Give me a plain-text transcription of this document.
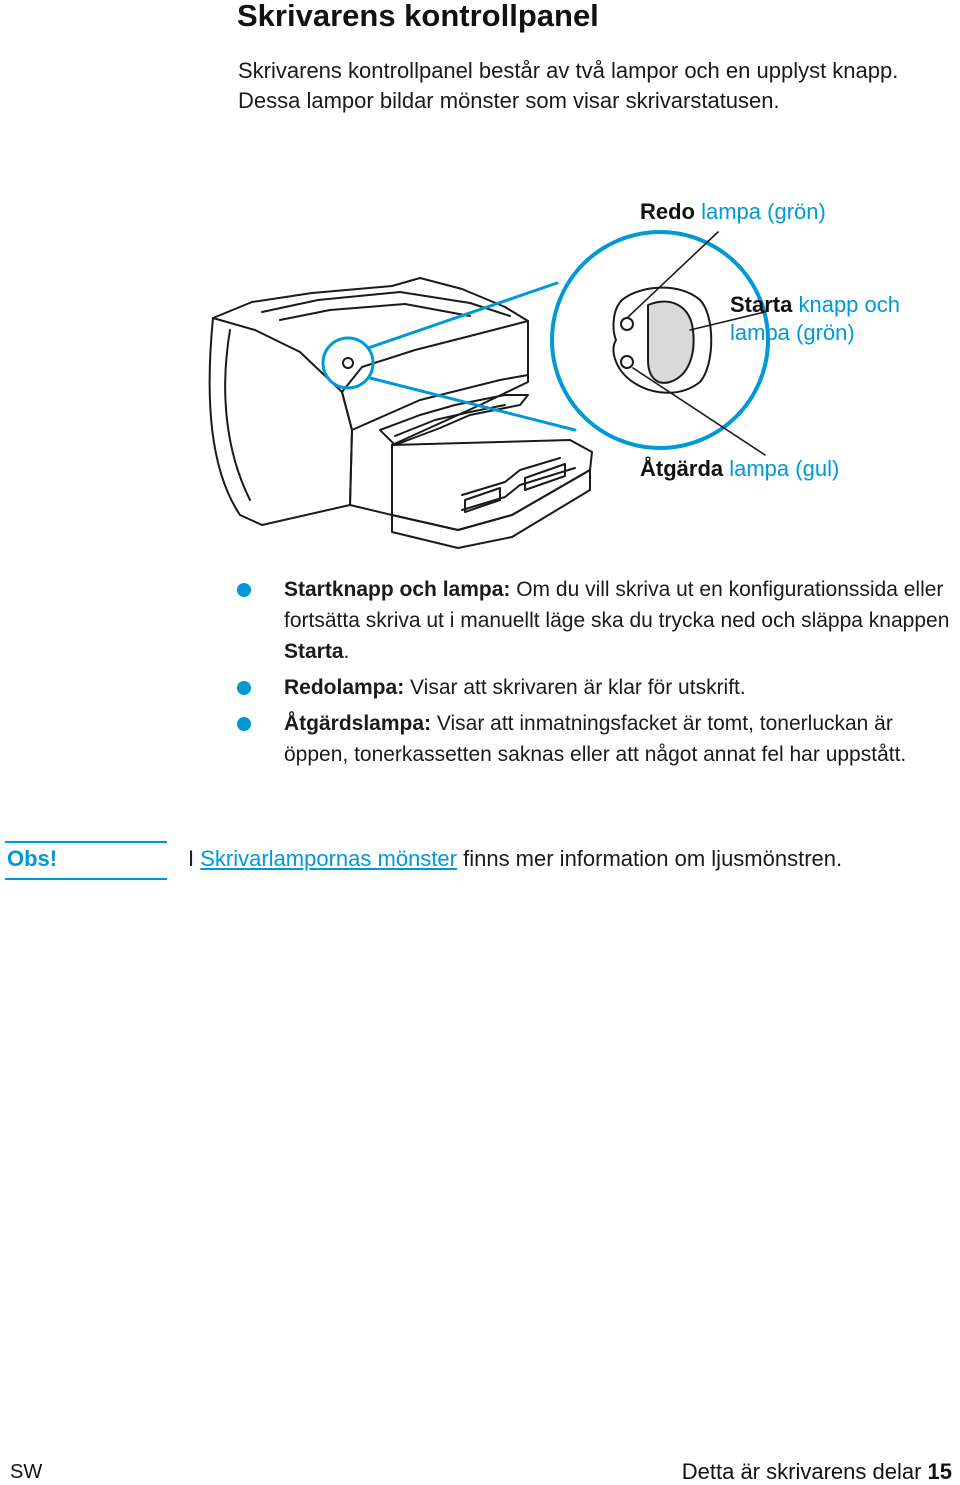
Skrivarens kontrollpanel

Skrivarens kontrollpanel består av två lampor och en upplyst knapp. Dessa lampor bildar mönster som visar skrivarstatusen.

Redo lampa (grön)
Starta knapp och
lampa (grön)
Åtgärda lampa (gul)
Startknapp och lampa: Om du vill skriva ut en konfigurationssida eller fortsätta skriva ut i manuellt läge ska du trycka ned och släppa knappen Starta.
Redolampa: Visar att skrivaren är klar för utskrift.
Åtgärdslampa: Visar att inmatningsfacket är tomt, tonerluckan är öppen, tonerkassetten saknas eller att något annat fel har uppstått.
Obs!	I Skrivarlampornas mönster finns mer information om ljusmönstren.
SW	Detta är skrivarens delar 15
